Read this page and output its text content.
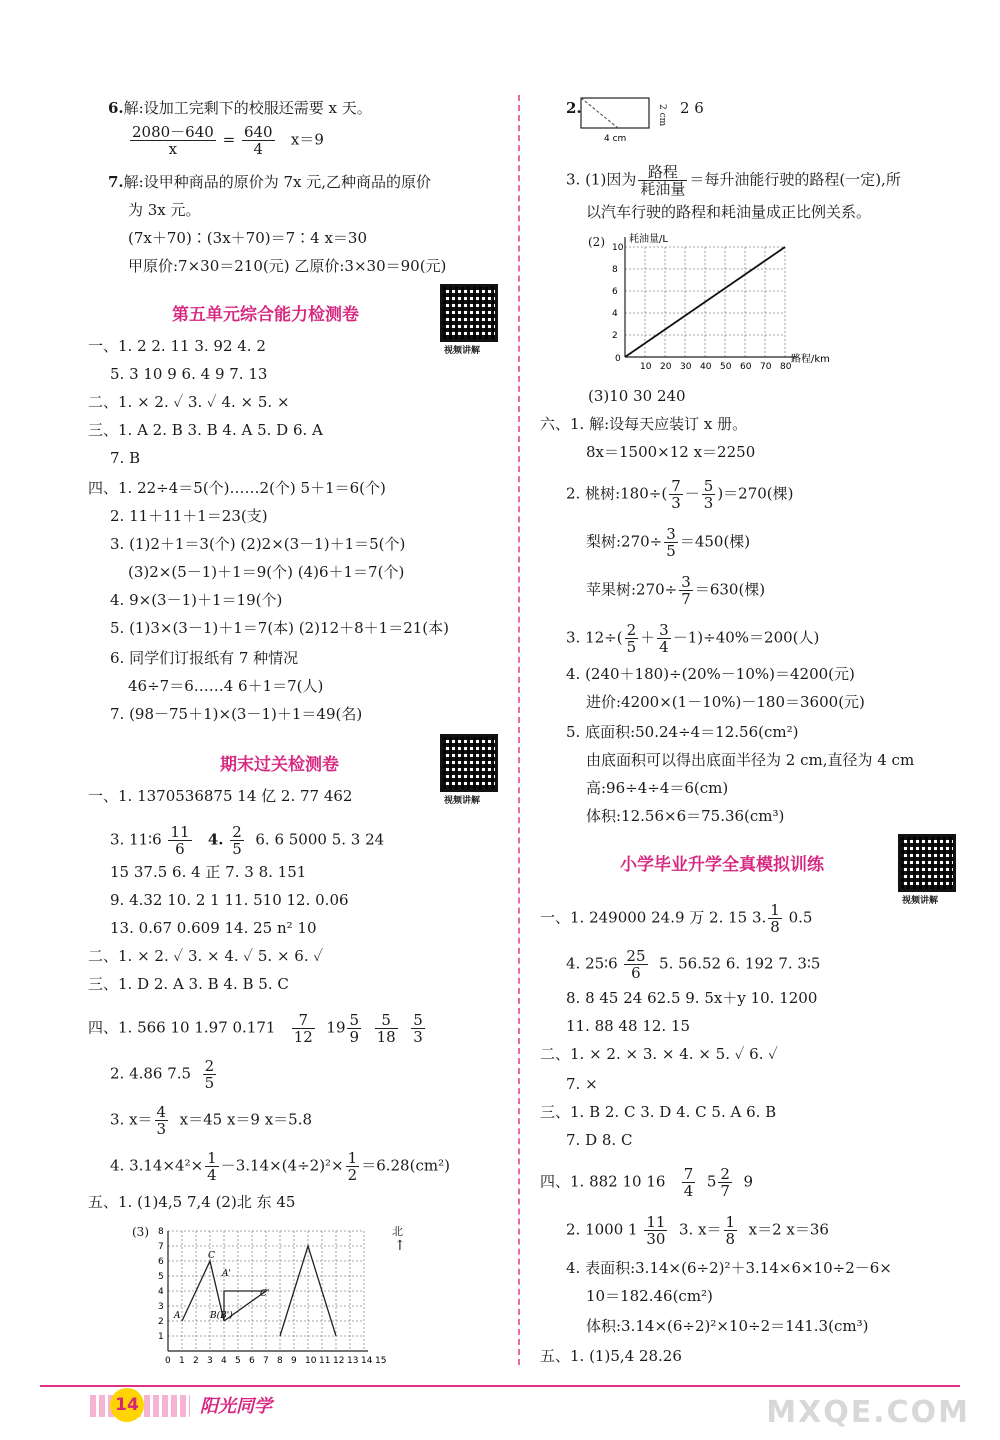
6.解:设加工完剩下的校服还需要 x 天。
$\frac{2080-640}{x} = \frac{640}{4} x=9$
7.解:设甲种商品的原价为 7x 元,乙种商品的原价
为 3x 元。
(7x＋70)∶(3x＋70)＝7∶4 x＝30
甲原价:7×30＝210(元) 乙原价:3×30＝90(元)
第五单元综合能力检测卷
视频讲解
一、1. 2 2. 11 3. 92 4. 2
5. 3 10 9 6. 4 9 7. 13
二、1. × 2. ✓ 3. ✓ 4. × 5. ×
三、1. A 2. B 3. B 4. A 5. D 6. A
7. B
四、1. 22÷4＝5(个)……2(个) 5＋1＝6(个)
2. 11＋11＋1＝23(支)
3. (1)2＋1＝3(个) (2)2×(3－1)＋1＝5(个)
(3)2×(5－1)＋1＝9(个) (4)6＋1＝7(个)
4. 9×(3－1)＋1＝19(个)
5. (1)3×(3－1)＋1＝7(本) (2)12＋8＋1＝21(本)
6. 同学们订报纸有 7 种情况
46÷7＝6……4 6＋1＝7(人)
7. (98－75＋1)×(3－1)＋1＝49(名)
期末过关检测卷
视频讲解
一、1. 1370536875 14 亿 2. 77 462
3. 11∶6 $\frac{11}{6} 4$. $\frac{2}{5} 6$. 6 5000 5. 3 24
15 37.5 6. 4 正 7. 3 8. 151
9. 4.32 10. 2 1 11. 510 12. 0.06
13. 0.67 0.609 14. 25 n² 10
二、1. × 2. ✓ 3. × 4. ✓ 5. × 6. ✓
三、1. D 2. A 3. B 4. B 5. C
四、1. 566 10 1.97 $0.171 \frac{7}{12} 19 \frac{5}{9}$
$\frac{5}{18}$
$\frac{5}{3}$
2. 4.86 $7.5 \frac{2}{5}$
3. $x= \frac{4}{3} x=45$ x＝9 x＝5.8
4. $3.14\times 4^2\times \frac{1}{4} -3.14\times(4\div 2)^2\times \frac{1}{2} =6.28(cm^2)$
五、1. (1)4,5 7,4 (2)北 东 45
(3)
C
A'
C'
A	B(B')
0 1 2 3 4 5 6 7 8 9 10 11 12 13 14 15
1
2
3
4
5
6
7
8	北
↑
2.
4 cm
2 cm 2 6
3. (1)因为 $\frac{\text{路程}}{\text{耗油量}}$ ＝每升油能行驶的路程(一定),所
以汽车行驶的路程和耗油量成正比例关系。
(2)
10 20 30 40 50 60 70 80
2
4
6
8
10
0	路程/km
耗油量/L
(3)10 30 240
六、1. 解:设每天应装订 x 册。
8x＝1500×12 x＝2250
2. 桃树:180÷( $\frac{7}{3} - \frac{5}{3} )=270$(棵)
梨树:270÷ $\frac{3}{5} =450$(棵)
苹果树:270÷ $\frac{3}{7} =630$(棵)
3. $12\div( \frac{2}{5} + \frac{3}{4} -1)\div 40\%=200$(人)
4. (240＋180)÷(20%－10%)＝4200(元)
进价:4200×(1－10%)－180＝3600(元)
5. 底面积:50.24÷4＝12.56(cm²)
由底面积可以得出底面半径为 2 cm,直径为 4 cm
高:96÷4÷4＝6(cm)
体积:12.56×6＝75.36(cm³)
小学毕业升学全真模拟训练
视频讲解
一、1. 249000 24.9 万 2. 15 3. $\frac{1}{8} 0.5$
4. 25∶6 $\frac{25}{6} 5$. 56.52 6. 192 7. 3∶5
8. 8 45 24 62.5 9. 5x＋y 10. 1200
11. 88 48 12. 15
二、1. × 2. × 3. × 4. × 5. ✓ 6. ✓
7. ×
三、1. B 2. C 3. D 4. C 5. A 6. B
7. D 8. C
四、1. 882 10 $16 \frac{7}{4} 5 \frac{2}{7} 9$
2. 1000 $1 \frac{11}{30} 3$. $x= \frac{1}{8} x=2$ x＝36
4. 表面积:3.14×(6÷2)²＋3.14×6×10÷2－6×
10＝182.46(cm²)
体积:3.14×(6÷2)²×10÷2＝141.3(cm³)
五、1. (1)5,4 28.26
14	阳光同学	MXQE.COM
